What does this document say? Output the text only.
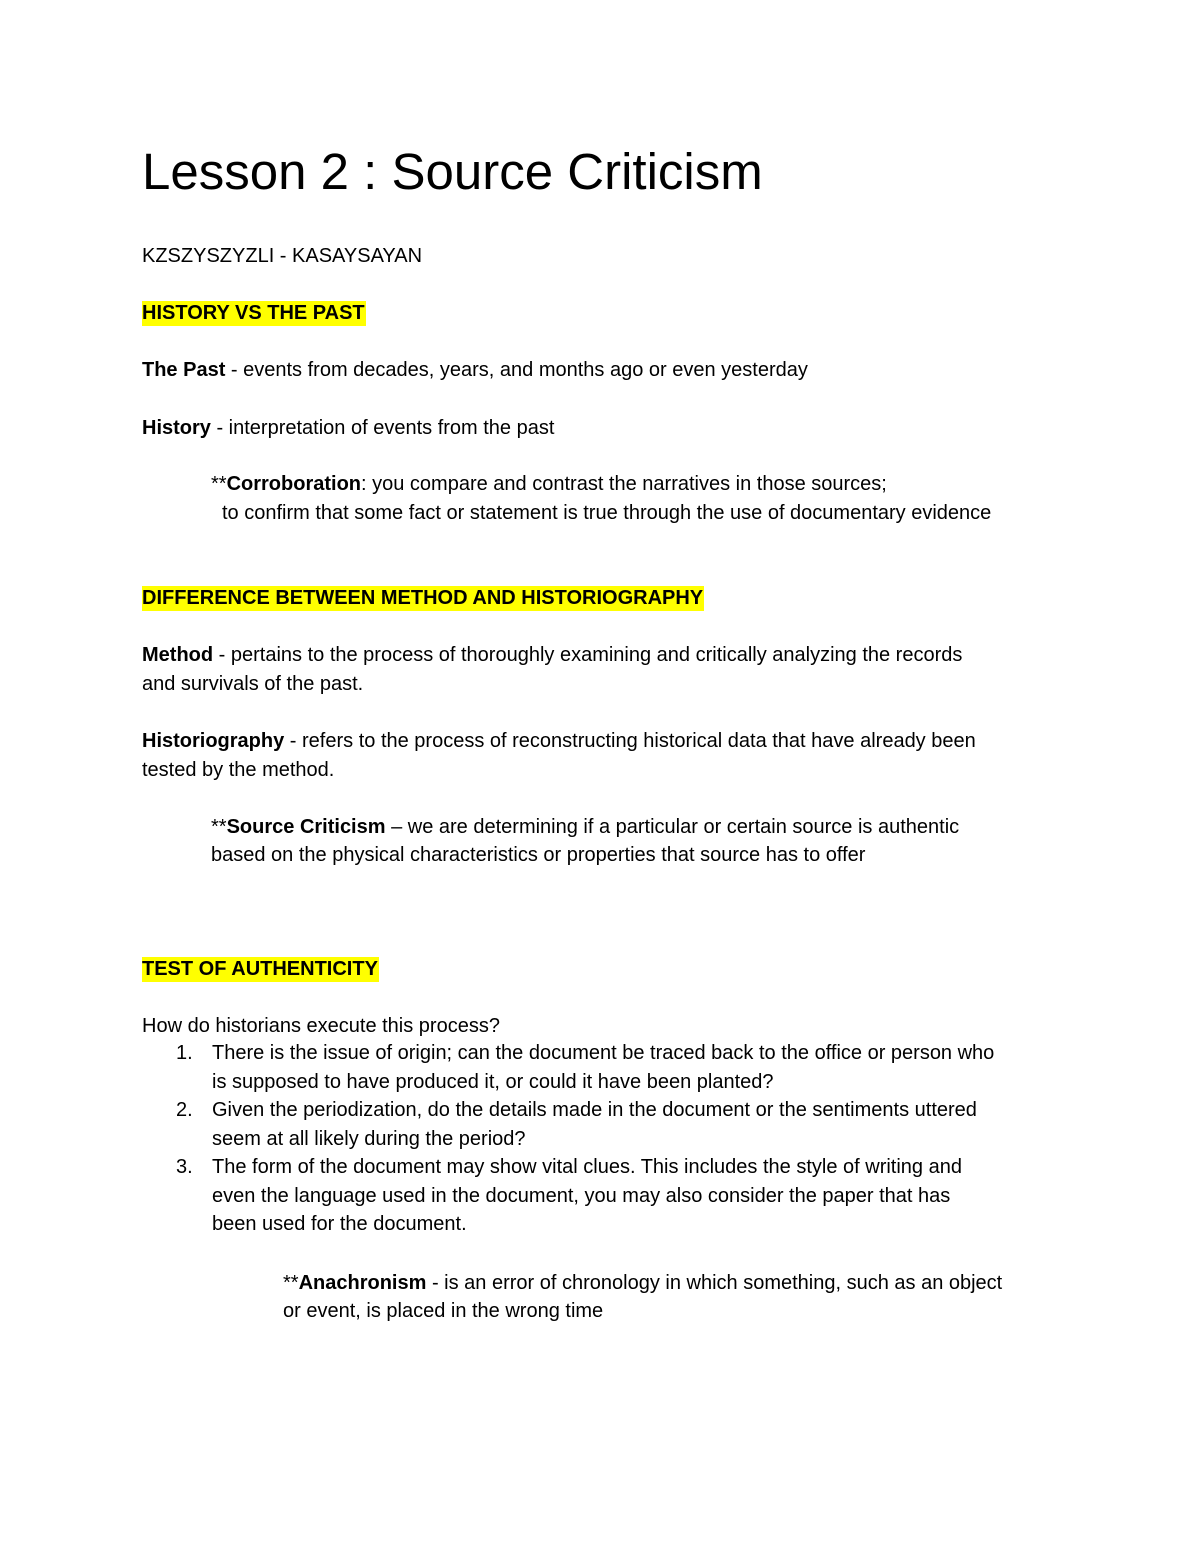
Lesson 2 : Source Criticism

KZSZYSZYZLI - KASAYSAYAN

HISTORY VS THE PAST

The Past - events from decades, years, and months ago or even yesterday

History - interpretation of events from the past

**Corroboration: you compare and contrast the narratives in those sources;

to confirm that some fact or statement is true through the use of documentary evidence

DIFFERENCE BETWEEN METHOD AND HISTORIOGRAPHY

Method - pertains to the process of thoroughly examining and critically analyzing the records

and survivals of the past.

Historiography - refers to the process of reconstructing historical data that have already been

tested by the method.

**Source Criticism – we are determining if a particular or certain source is authentic

based on the physical characteristics or properties that source has to offer

TEST OF AUTHENTICITY

How do historians execute this process?

1. There is the issue of origin; can the document be traced back to the office or person who
is supposed to have produced it, or could it have been planted?
2. Given the periodization, do the details made in the document or the sentiments uttered
seem at all likely during the period?
3. The form of the document may show vital clues. This includes the style of writing and
even the language used in the document, you may also consider the paper that has
been used for the document.

**Anachronism - is an error of chronology in which something, such as an object

or event, is placed in the wrong time
